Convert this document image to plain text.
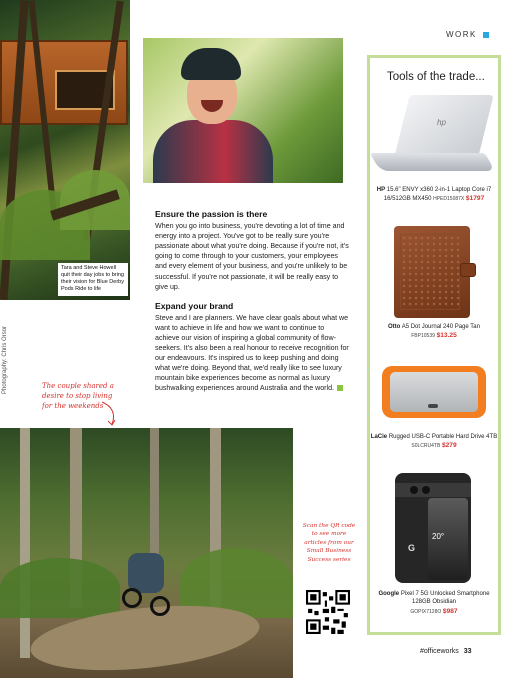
WORK
Tara and Steve Howell quit their day jobs to bring their vision for Blue Derby Pods Ride to life
Photography: Chris Orsor	The couple shared a desire to stop living for the weekends
Ensure the passion is there

When you go into business, you're devoting a lot of time and energy into a project. You've got to be really sure you're passionate about what you're doing. Because if you're not, it's going to come through to your customers, your employees and every element of your business, and you're unlikely to be successful. If you're not passionate, it will be really easy to give up.

Expand your brand

Steve and I are planners. We have clear goals about what we want to achieve in life and how we want to continue to achieve our vision of inspiring a global community of flow-seekers. It's also been a real honour to receive recognition for our endeavours. It's inspired us to keep pushing and doing what we're doing. Beyond that, we'd really like to see luxury mountain bike experiences become as normal as luxury bushwalking experiences around Australia and the world.

Scan the QR code to see more articles from our Small Business Success series
Tools of the trade...
hp
HP 15.6" ENVY x360 2-in-1 Laptop Core i7 16/512GB MX450 HPED15087X $1797
Otto A5 Dot Journal 240 Page Tan
FBP10539 $13.25
LaCie Rugged USB-C Portable Hard Drive 4TB S0LCRU4TB $279
20°
G
Google Pixel 7 5G Unlocked Smartphone 128GB Obsidian
GOPIX7128O $987
#officeworks 33
